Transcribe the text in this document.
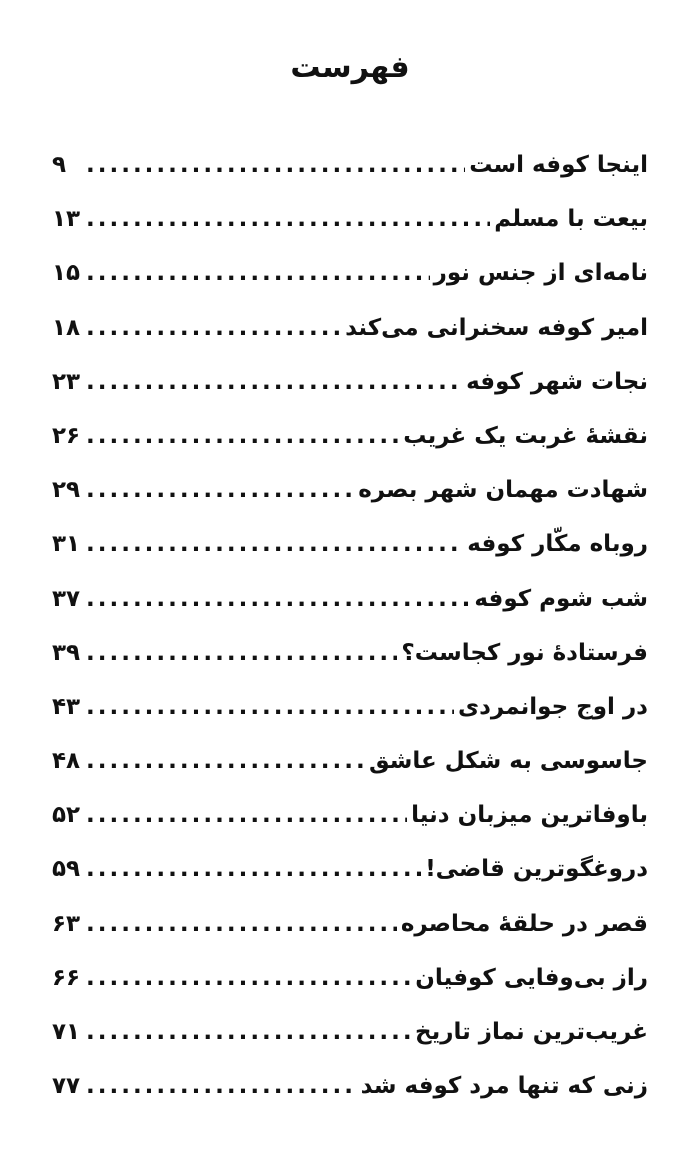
فهرست
اینجا کوفه است
.....
۹
بیعت با مسلم
.....
۱۳
نامه‌ای از جنس نور
.....
۱۵
امیر کوفه سخنرانی می‌کند
.....
۱۸
نجات شهر کوفه
.....
۲۳
نقشهٔ غربت یک غریب
.....
۲۶
شهادت مهمان شهر بصره
.....
۲۹
روباه مکّار کوفه
.....
۳۱
شب شوم کوفه
.....
۳۷
فرستادهٔ نور کجاست؟
.....
۳۹
در اوج جوانمردی
.....
۴۳
جاسوسی به شکل عاشق
.....
۴۸
باوفاترین میزبان دنیا
.....
۵۲
دروغگوترین قاضی!
.....
۵۹
قصر در حلقهٔ محاصره
.....
۶۳
راز بی‌وفایی کوفیان
.....
۶۶
غریب‌ترین نماز تاریخ
.....
۷۱
زنی که تنها مرد کوفه شد
.....
۷۷
